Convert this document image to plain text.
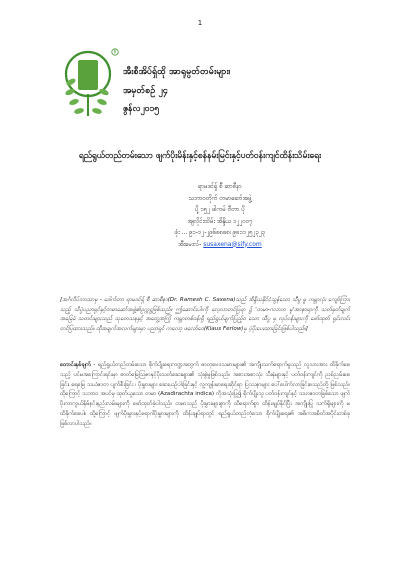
1
R
အီးစီအိပ်ရှ်ထို အာရုမ္ပတ်တမ်းများ၊
အမှတ်စဥ် ၂၄
ဇွန်လ၂၀၁၅
ရည်ရွယ်တည်တမ်းသော ဖျက်ပိုးမိန်းနှင့်စန်နမ်းမြင်းနှင့်ပတ်ဝန်းကျင်ထိန်းသိမ်းရေး
ရာမဒင်ရှ် စီ ဆာစီနာ
သဘာဝတိုက် တမာဆော်အဖွဲ့
ပို့ ၁၅၂ ဖါကမ် ဗီတာ ပို
အျလိုင်းထိမ်း အိန္ဒိယ ၁၂၂၀၀၇
ဖုံး ... ၉၁-၁၂-၂၉၆၈၈၈၈၊ ၉၈၁၁၂၅၂၃၂၃
အီးမေးလ်- susaxena@sify.com
[အင်္ဂလိပ်ဘာသာမှ - ဒေါက်တာ ရာမဒင်ရှ် စီ ဆာစီနာ(Dr. Ramesh C. Saxena)သည် အိန္ဒိယနိုင်ငံသွန်သော သီပွ မှု ကမ္ဘာလုံး ကျော်ကြားသည့် သိပ္ပံပညာရှင်နှင့်တမာဆော်အဖွဲ့၏ဥက္ကဋ္ဌဖြစ်သည်။ ဤဆောင်းပါးကို လေ့လာတင်ပြရာ ၌ 'တမာ-ဂလာဘ မူ'အာနာရာကို သတ်မှတ်ချက် အခြေခံ သတင်းများသည် သုတေသနနှင့် အတွေ့အကြုံ ကမ္ဘာတစ်ဝန်းရှိ ရည်ရွယ်ချက်ပြည့်ဝ သော သီပွ မှ လုပ်ငန်းများကို ဖော်ထုတ် ရှင်းလင်းတင်ပြထားသည်။ ထိုအချက်အလက်များမှာ ပညာရှင် ကလော့ ဖလော်ဝေ(Klaus Ferlow)မှ ပံ့ပိုးပေးထားခြင်းဖြစ်ပါသည်။]
တောင်းနှစ်ချက် - ရည်ရွယ်တည်တမ်းသော စိုက်ပျိုးရေးကဏ္ဍအတွက် ဓာတုဗေဒသမားများ၏ အကျိုးသက်ရောက်မှုသည် လူသားအား ထိခိုက်စေသည့် ပင်မအကြောင်းရင်းမှာ ဓာတ်မြေဩဇာနှင့်ပိုးသတ်ဆေးများ၏ သုံးစွဲမှုဖြစ်သည်။ အစားအစာသုံး သီးနှံများနှင့် ပတ်ဝန်းကျင်ကို ညစ်ညမ်းစေခြင်း၊ ရေမြေ သယံဇာတ ပျက်စီးခြင်း ၊ ပိုးမွှားများ ဆေးယဉ်ပါးခြင်းနှင့် လူ့ကျန်းမာရေးဆိုင်ရာ ပြဿနာများ ပေါ်ပေါက်လာခြင်းစသည်တို့ ဖြစ်သည်။ ထိုကြောင့် သဘာဝ အပင်မှ ထုတ်ယူသော တမာ (Azadirachta indica) ကိုအသုံးပြု၍ စိုက်ပျိုးသူ ပတ်ဝန်းကျင်နှင့် သဟဇာတဖြစ်သော ဖျက်ပိုးကာကွယ်နှိမ်နင်းနည်းလမ်းများကို ဖော်ထုတ်ခဲ့ပါသည်။ တမာသည် ပိုးမွှားများစွာကို ထိရောက်စွာ ထိန်းချုပ်နိုင်ပြီး အကျိုးပြု သက်ရှိများကို မထိခိုက်စေပါ။ ထို့ကြောင့် ဖျက်ပိုးမွှားနှင့်ရောဂါပိုးမွှားများကို ထိန်းချုပ်ရာတွင် ရည်ရွယ်တည်တံ့သော စိုက်ပျိုးရေး၏ အဓိကအစိတ်အပိုင်းတစ်ခု ဖြစ်လာပါသည်။
